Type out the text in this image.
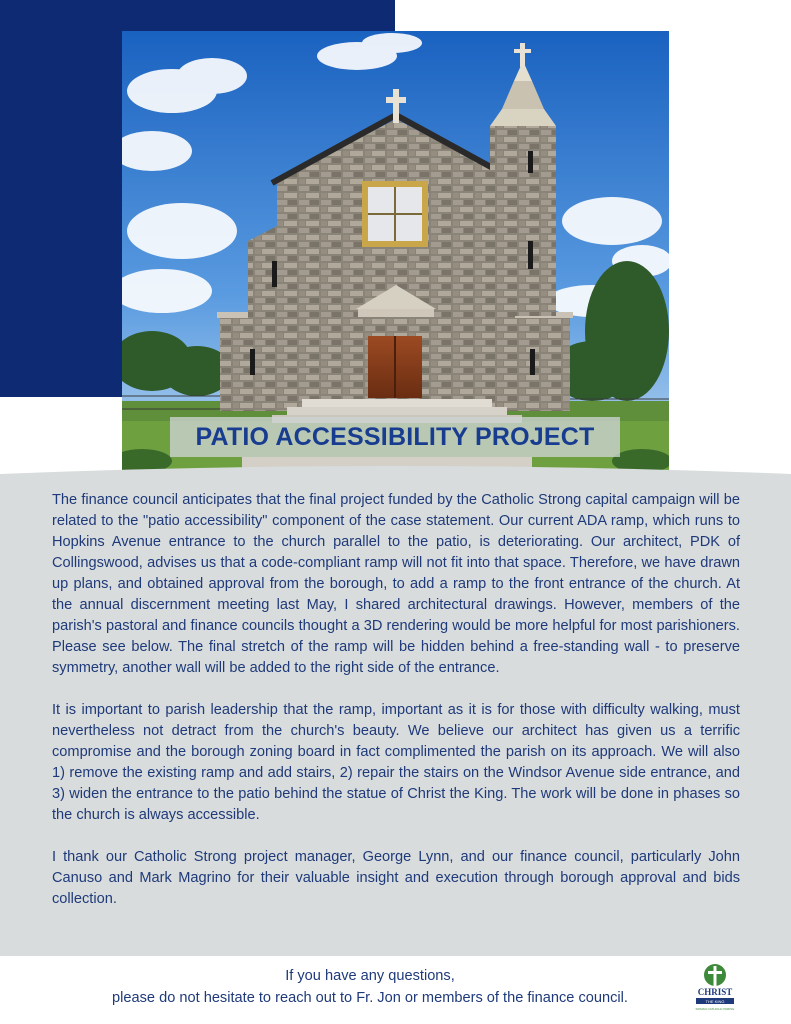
PATIO ACCESSIBILITY PROJECT

The finance council anticipates that the final project funded by the Catholic Strong capital campaign will be related to the "patio accessibility" component of the case statement. Our current ADA ramp, which runs to Hopkins Avenue entrance to the church parallel to the patio, is deteriorating. Our architect, PDK of Collingswood, advises us that a code-compliant ramp will not fit into that space. Therefore, we have drawn up plans, and obtained approval from the borough, to add a ramp to the front entrance of the church. At the annual discernment meeting last May, I shared architectural drawings. However, members of the parish's pastoral and finance councils thought a 3D rendering would be more helpful for most parishioners. Please see below. The final stretch of the ramp will be hidden behind a free-standing wall - to preserve symmetry, another wall will be added to the right side of the entrance.

It is important to parish leadership that the ramp, important as it is for those with difficulty walking, must nevertheless not detract from the church's beauty. We believe our architect has given us a terrific compromise and the borough zoning board in fact complimented the parish on its approach. We will also 1) remove the existing ramp and add stairs, 2) repair the stairs on the Windsor Avenue side entrance, and 3) widen the entrance to the patio behind the statue of Christ the King. The work will be done in phases so the church is always accessible.

I thank our Catholic Strong project manager, George Lynn, and our finance council, particularly John Canuso and Mark Magrino for their valuable insight and execution through borough approval and bids collection.

If you have any questions,
please do not hesitate to reach out to Fr. Jon or members of the finance council.	CHRIST
THE KING
ROMAN CATHOLIC PARISH
